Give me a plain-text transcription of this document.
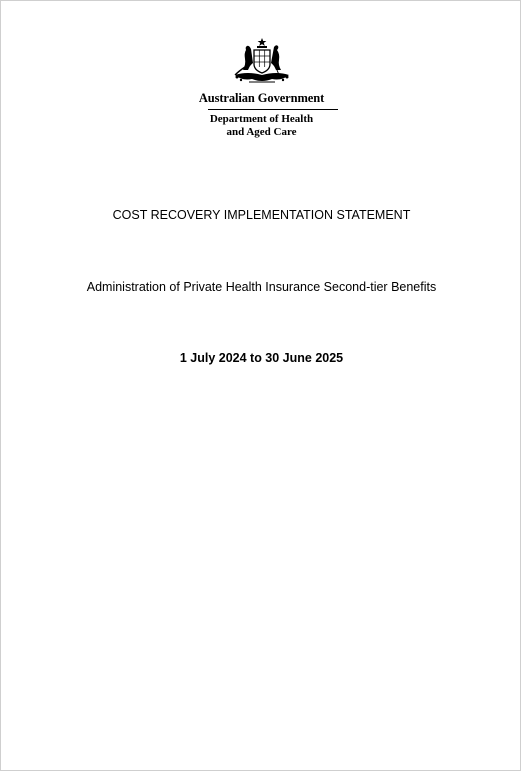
Australian Government
Department of Health
and Aged Care
COST RECOVERY IMPLEMENTATION STATEMENT
Administration of Private Health Insurance Second-tier Benefits
1 July 2024 to 30 June 2025
